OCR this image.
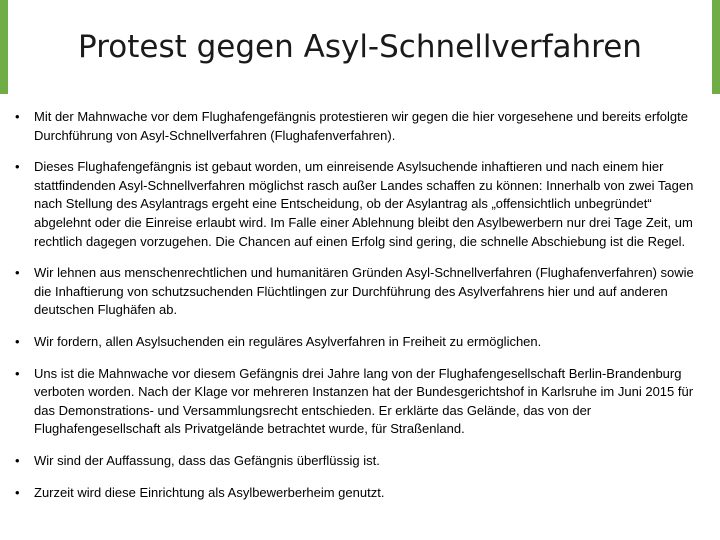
Protest gegen Asyl-Schnellverfahren
• Mit der Mahnwache vor dem Flughafengefängnis protestieren wir gegen die hier vorgesehene und bereits erfolgte Durchführung von Asyl-Schnellverfahren (Flughafenverfahren).
• Dieses Flughafengefängnis ist gebaut worden, um einreisende Asylsuchende inhaftieren und nach einem hier stattfindenden Asyl-Schnellverfahren möglichst rasch außer Landes schaffen zu können: Innerhalb von zwei Tagen nach Stellung des Asylantrags ergeht eine Entscheidung, ob der Asylantrag als „offensichtlich unbegründet“ abgelehnt oder die Einreise erlaubt wird. Im Falle einer Ablehnung bleibt den Asylbewerbern nur drei Tage Zeit, um rechtlich dagegen vorzugehen. Die Chancen auf einen Erfolg sind gering, die schnelle Abschiebung ist die Regel.
• Wir lehnen aus menschenrechtlichen und humanitären Gründen Asyl-Schnellverfahren (Flughafenverfahren) sowie die Inhaftierung von schutzsuchenden Flüchtlingen zur Durchführung des Asylverfahrens hier und auf anderen deutschen Flughäfen ab.
• Wir fordern, allen Asylsuchenden ein reguläres Asylverfahren in Freiheit zu ermöglichen.
• Uns ist die Mahnwache vor diesem Gefängnis drei Jahre lang von der Flughafengesellschaft Berlin-Brandenburg verboten worden. Nach der Klage vor mehreren Instanzen hat der Bundesgerichtshof in Karlsruhe im Juni 2015 für das Demonstrations- und Versammlungsrecht entschieden. Er erklärte das Gelände, das von der Flughafengesellschaft als Privatgelände betrachtet wurde, für Straßenland.
• Wir sind der Auffassung, dass das Gefängnis überflüssig ist.
• Zurzeit wird diese Einrichtung als Asylbewerberheim genutzt.
